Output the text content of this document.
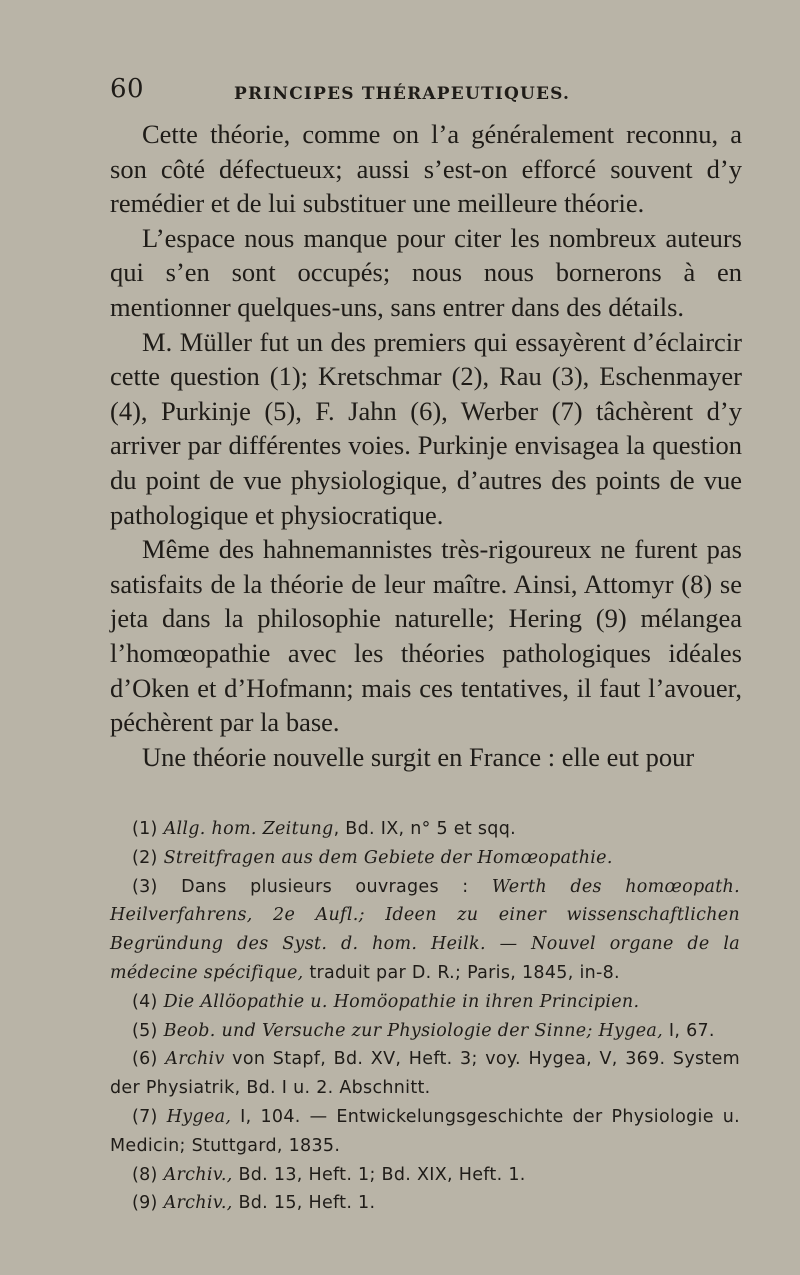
60	PRINCIPES THÉRAPEUTIQUES.

Cette théorie, comme on l’a généralement reconnu, a son côté défectueux; aussi s’est-on efforcé souvent d’y remédier et de lui substituer une meilleure théorie.

L’espace nous manque pour citer les nombreux auteurs qui s’en sont occupés; nous nous bornerons à en mentionner quelques-uns, sans entrer dans des détails.

M. Müller fut un des premiers qui essayèrent d’éclaircir cette question (1); Kretschmar (2), Rau (3), Eschenmayer (4), Purkinje (5), F. Jahn (6), Werber (7) tâchèrent d’y arriver par différentes voies. Purkinje envisagea la question du point de vue physiologique, d’autres des points de vue pathologique et physiocratique.

Même des hahnemannistes très-rigoureux ne furent pas satisfaits de la théorie de leur maître. Ainsi, Attomyr (8) se jeta dans la philosophie naturelle; Hering (9) mélangea l’homœopathie avec les théories pathologiques idéales d’Oken et d’Hofmann; mais ces tentatives, il faut l’avouer, péchèrent par la base.

Une théorie nouvelle surgit en France : elle eut pour

(1) Allg. hom. Zeitung, Bd. IX, n° 5 et sqq.

(2) Streitfragen aus dem Gebiete der Homœopathie.

(3) Dans plusieurs ouvrages : Werth des homœopath. Heilverfahrens, 2e Aufl.; Ideen zu einer wissenschaftlichen Begründung des Syst. d. hom. Heilk. — Nouvel organe de la médecine spécifique, traduit par D. R.; Paris, 1845, in-8.

(4) Die Allöopathie u. Homöopathie in ihren Principien.

(5) Beob. und Versuche zur Physiologie der Sinne; Hygea, I, 67.

(6) Archiv von Stapf, Bd. XV, Heft. 3; voy. Hygea, V, 369. System der Physiatrik, Bd. I u. 2. Abschnitt.

(7) Hygea, I, 104. — Entwickelungsgeschichte der Physiologie u. Medicin; Stuttgard, 1835.

(8) Archiv., Bd. 13, Heft. 1; Bd. XIX, Heft. 1.

(9) Archiv., Bd. 15, Heft. 1.
